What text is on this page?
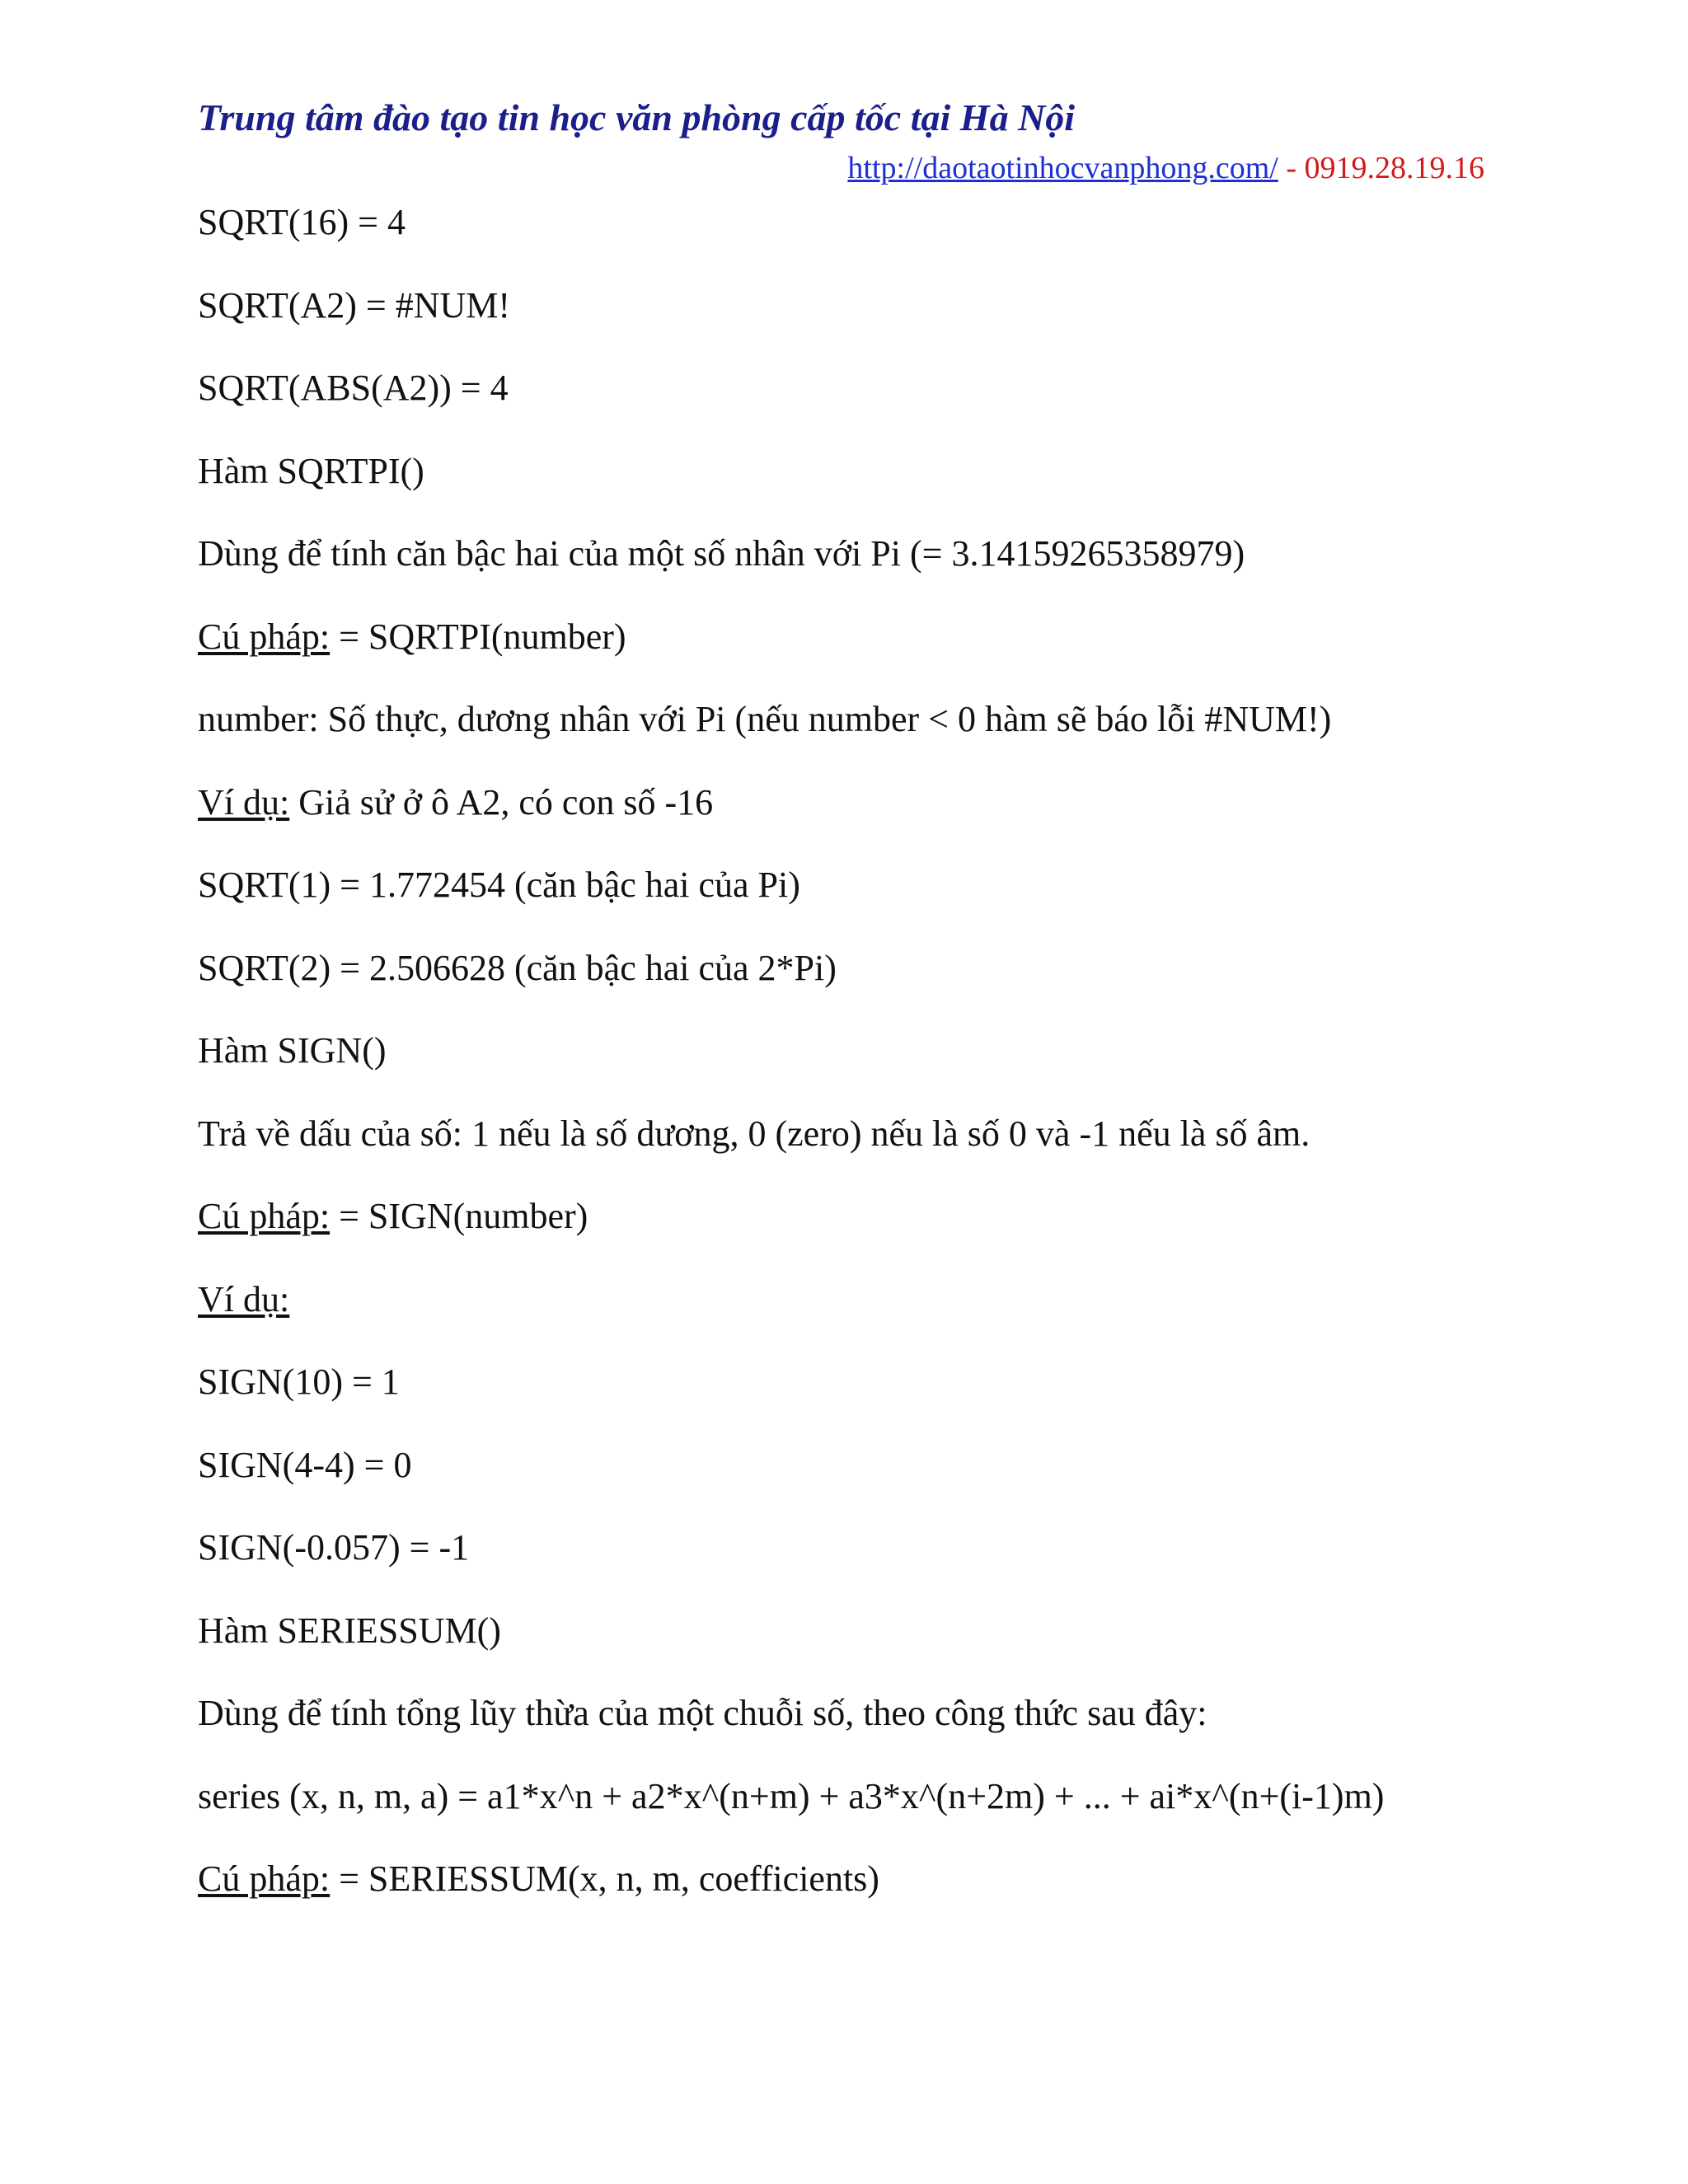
Trung tâm đào tạo tin học văn phòng cấp tốc tại Hà Nội
http://daotaotinhocvanphong.com/ - 0919.28.19.16
SQRT(16) = 4
SQRT(A2) = #NUM!
SQRT(ABS(A2)) = 4
Hàm SQRTPI()
Dùng để tính căn bậc hai của một số nhân với Pi (= 3.14159265358979)
Cú pháp: = SQRTPI(number)
number: Số thực, dương nhân với Pi (nếu number < 0 hàm sẽ báo lỗi #NUM!)
Ví dụ: Giả sử ở ô A2, có con số -16
SQRT(1) = 1.772454 (căn bậc hai của Pi)
SQRT(2) = 2.506628 (căn bậc hai của 2*Pi)
Hàm SIGN()
Trả về dấu của số: 1 nếu là số dương, 0 (zero) nếu là số 0 và -1 nếu là số âm.
Cú pháp: = SIGN(number)
Ví dụ:
SIGN(10) = 1
SIGN(4-4) = 0
SIGN(-0.057) = -1
Hàm SERIESSUM()
Dùng để tính tổng lũy thừa của một chuỗi số, theo công thức sau đây:
series (x, n, m, a) = a1*x^n + a2*x^(n+m) + a3*x^(n+2m) + ... + ai*x^(n+(i-1)m)
Cú pháp: = SERIESSUM(x, n, m, coefficients)
